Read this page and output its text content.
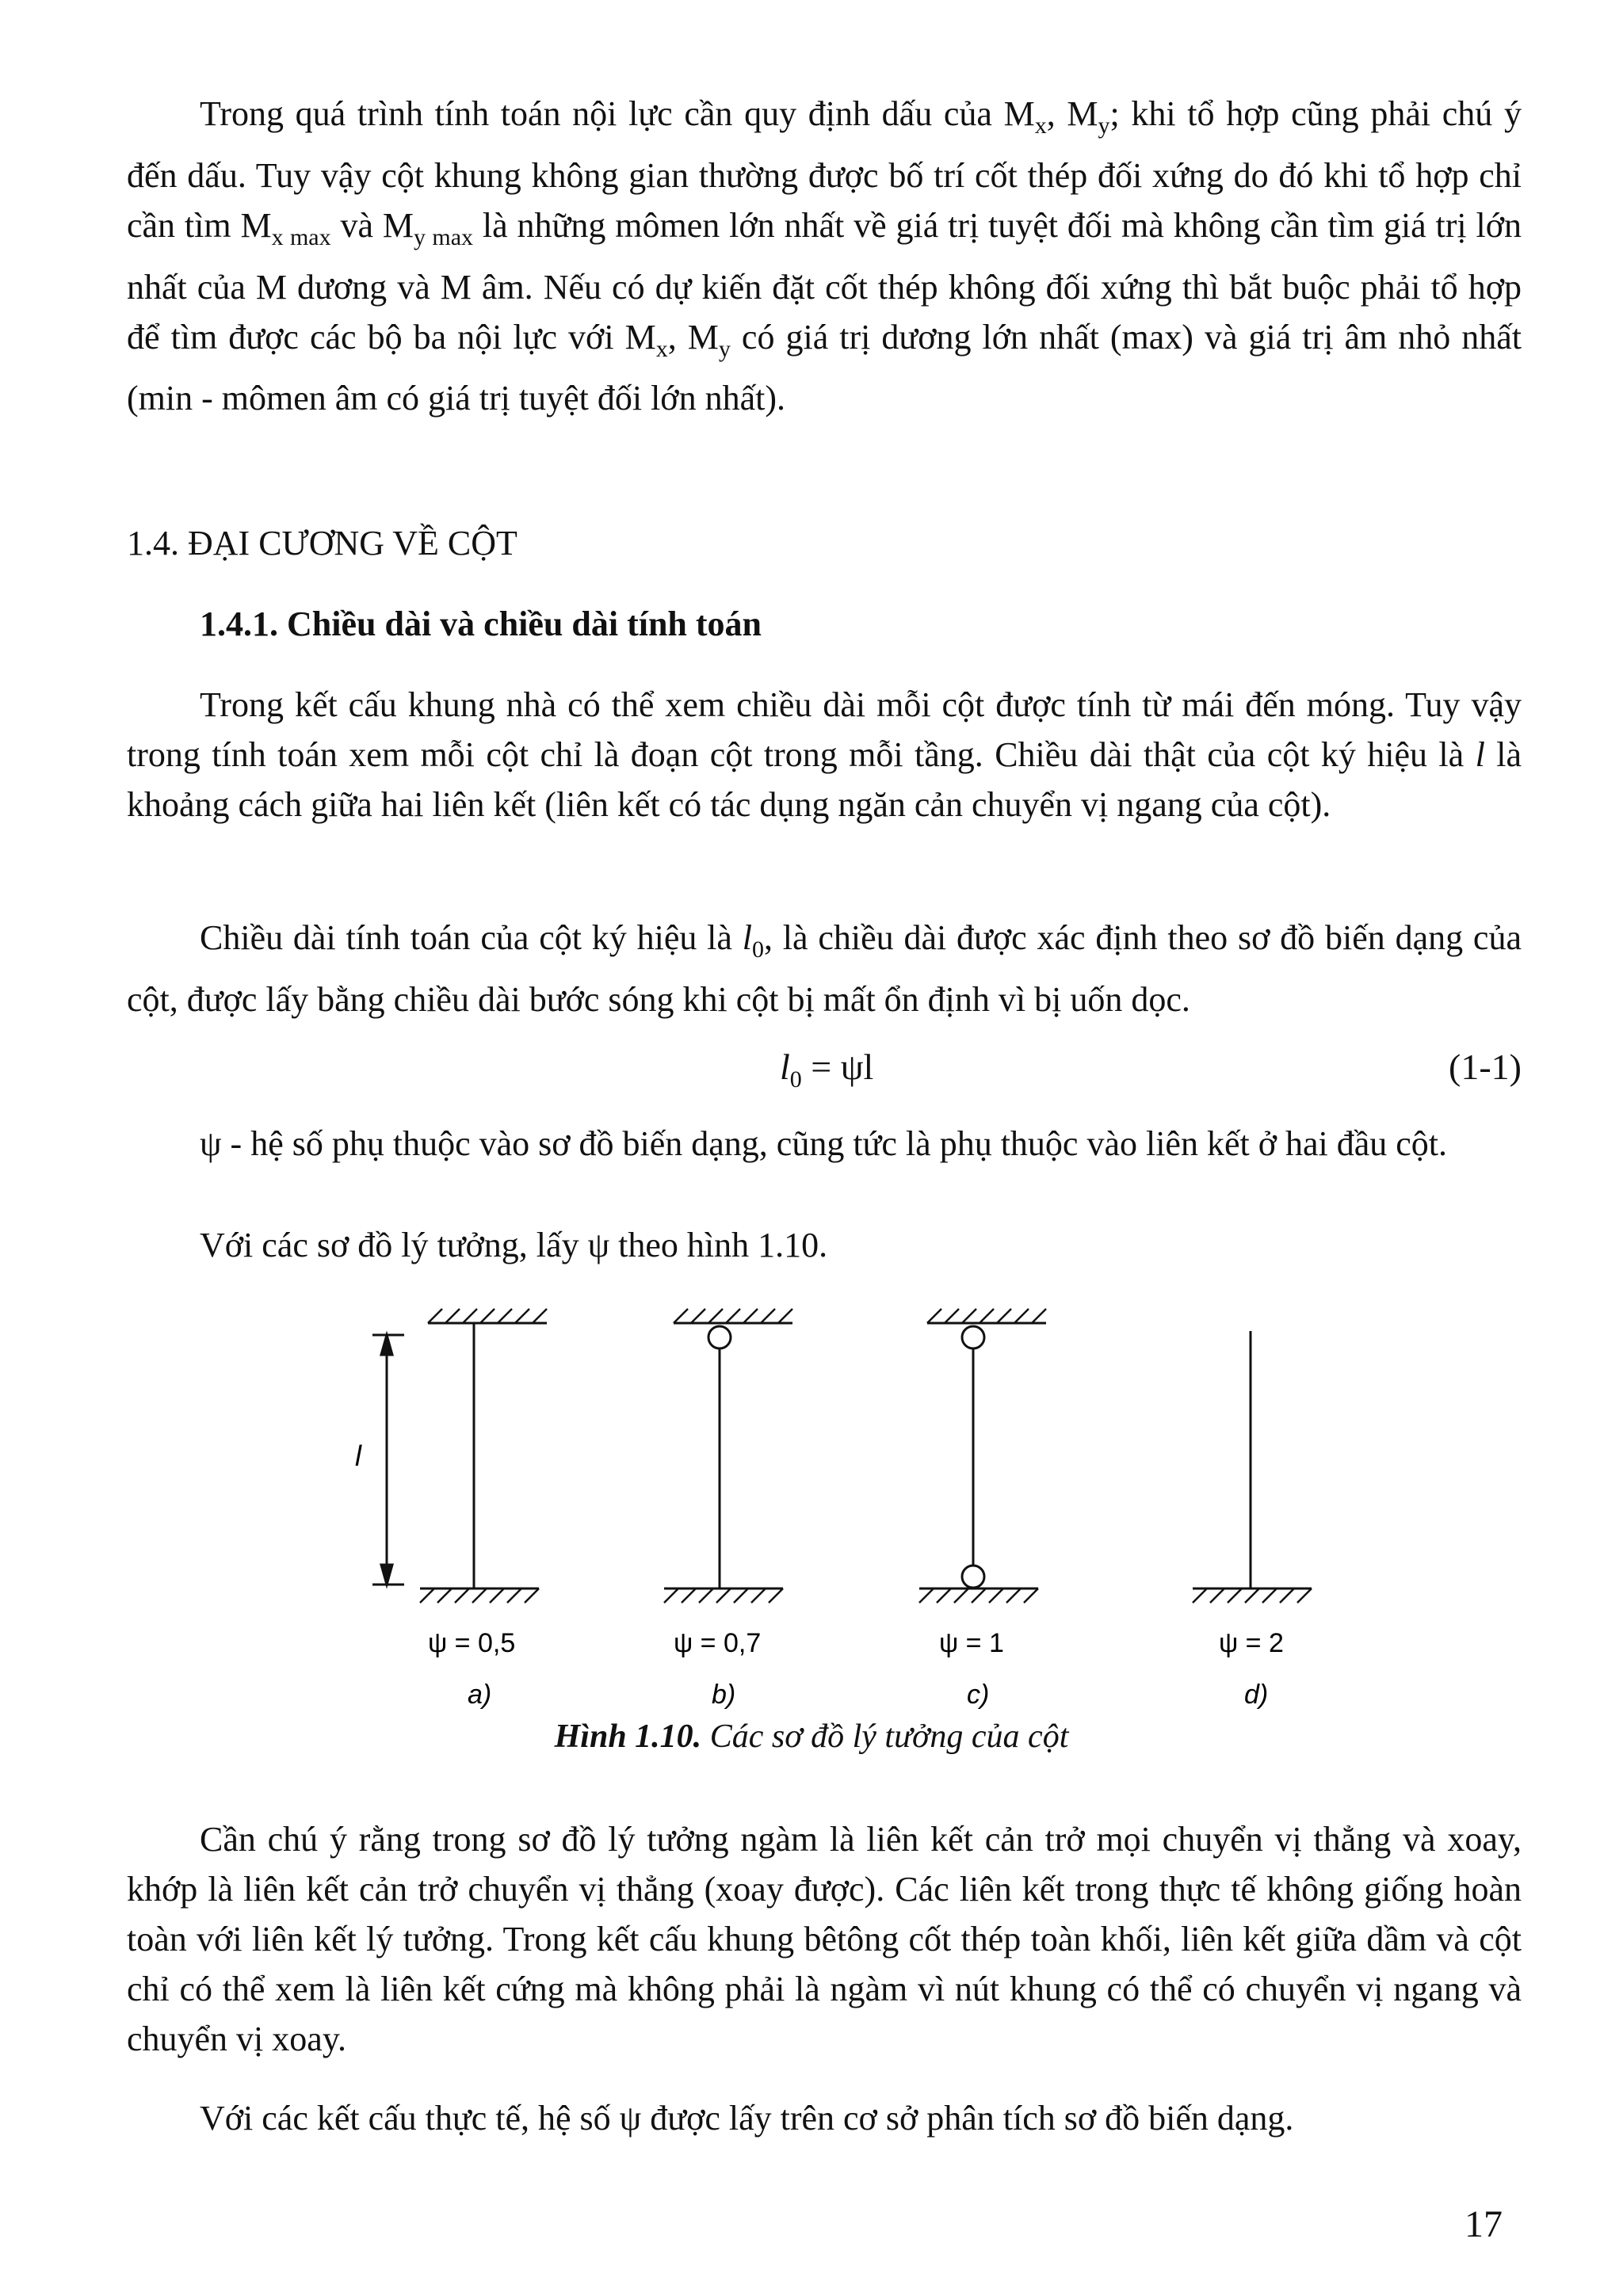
Trong quá trình tính toán nội lực cần quy định dấu của $M_x$, $M_y$; khi tổ hợp cũng phải chú ý đến dấu. Tuy vậy cột khung không gian thường được bố trí cốt thép đối xứng do đó khi tổ hợp chỉ cần tìm $M_{x max}$ và $M_{y max}$ là những mômen lớn nhất về giá trị tuyệt đối mà không cần tìm giá trị lớn nhất của M dương và M âm. Nếu có dự kiến đặt cốt thép không đối xứng thì bắt buộc phải tổ hợp để tìm được các bộ ba nội lực với $M_x$, $M_y$ có giá trị dương lớn nhất (max) và giá trị âm nhỏ nhất (min - mômen âm có giá trị tuyệt đối lớn nhất).

1.4. ĐẠI CƯƠNG VỀ CỘT

1.4.1. Chiều dài và chiều dài tính toán

Trong kết cấu khung nhà có thể xem chiều dài mỗi cột được tính từ mái đến móng. Tuy vậy trong tính toán xem mỗi cột chỉ là đoạn cột trong mỗi tầng. Chiều dài thật của cột ký hiệu là l là khoảng cách giữa hai liên kết (liên kết có tác dụng ngăn cản chuyển vị ngang của cột).

Chiều dài tính toán của cột ký hiệu là $l_0$, là chiều dài được xác định theo sơ đồ biến dạng của cột, được lấy bằng chiều dài bước sóng khi cột bị mất ổn định vì bị uốn dọc.

$l_0 = \psi l$	(1-1)

ψ - hệ số phụ thuộc vào sơ đồ biến dạng, cũng tức là phụ thuộc vào liên kết ở hai đầu cột.

Với các sơ đồ lý tưởng, lấy ψ theo hình 1.10.

l
ψ = 0,5	ψ = 0,7	ψ = 1	ψ = 2
a)	b)	c)	d)
Hình 1.10. Các sơ đồ lý tưởng của cột

Cần chú ý rằng trong sơ đồ lý tưởng ngàm là liên kết cản trở mọi chuyển vị thẳng và xoay, khớp là liên kết cản trở chuyển vị thẳng (xoay được). Các liên kết trong thực tế không giống hoàn toàn với liên kết lý tưởng. Trong kết cấu khung bêtông cốt thép toàn khối, liên kết giữa dầm và cột chỉ có thể xem là liên kết cứng mà không phải là ngàm vì nút khung có thể có chuyển vị ngang và chuyển vị xoay.

Với các kết cấu thực tế, hệ số ψ được lấy trên cơ sở phân tích sơ đồ biến dạng.

17
